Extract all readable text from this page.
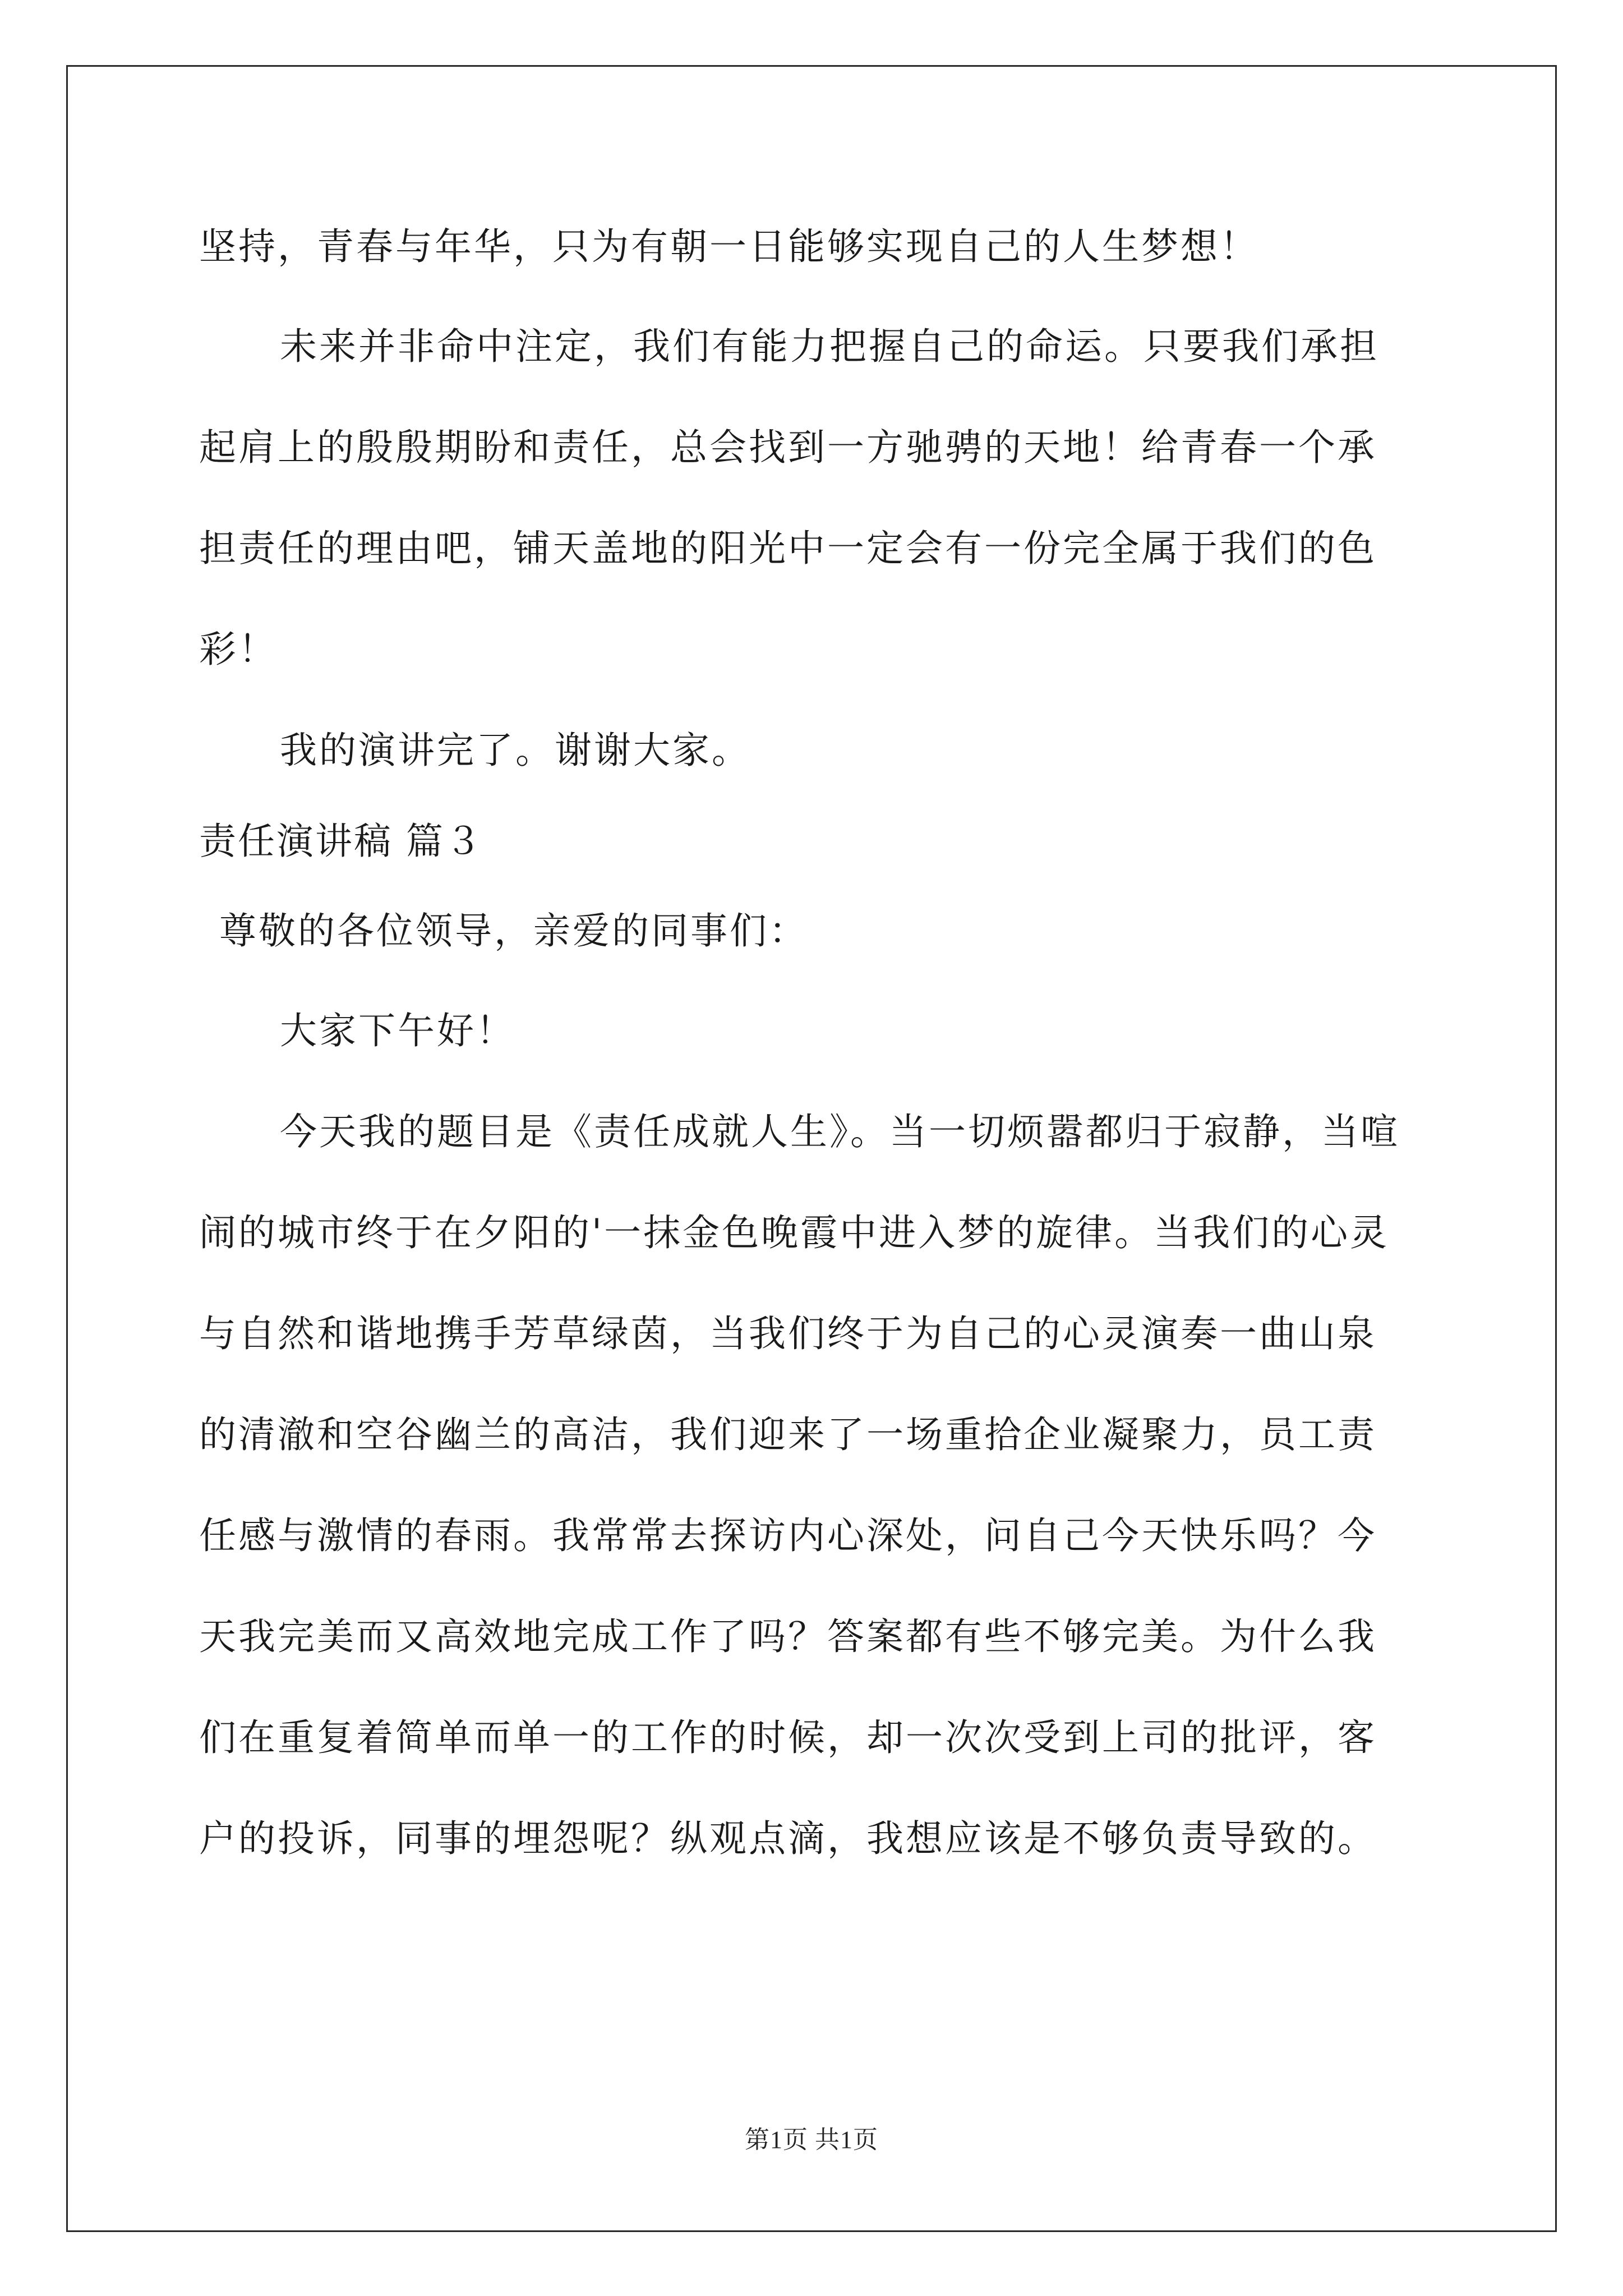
坚持，青春与年华，只为有朝一日能够实现自己的人生梦想！
未来并非命中注定，我们有能力把握自己的命运。只要我们承担
起肩上的殷殷期盼和责任，总会找到一方驰骋的天地！给青春一个承
担责任的理由吧，铺天盖地的阳光中一定会有一份完全属于我们的色
彩！
我的演讲完了。谢谢大家。
责任演讲稿 篇３
尊敬的各位领导，亲爱的同事们：
大家下午好！
今天我的题目是《责任成就人生》。当一切烦嚣都归于寂静，当喧
闹的城市终于在夕阳的'一抹金色晚霞中进入梦的旋律。当我们的心灵
与自然和谐地携手芳草绿茵，当我们终于为自己的心灵演奏一曲山泉
的清澈和空谷幽兰的高洁，我们迎来了一场重拾企业凝聚力，员工责
任感与激情的春雨。我常常去探访内心深处，问自己今天快乐吗？今
天我完美而又高效地完成工作了吗？答案都有些不够完美。为什么我
们在重复着简单而单一的工作的时候，却一次次受到上司的批评，客
户的投诉，同事的埋怨呢？纵观点滴，我想应该是不够负责导致的。
第1页 共1页
